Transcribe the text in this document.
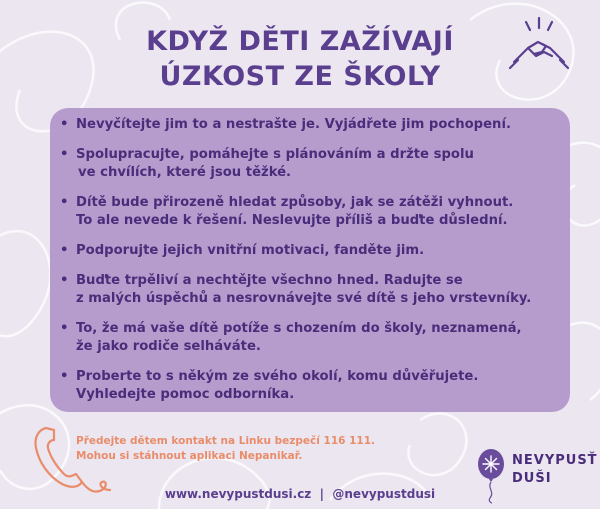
KDYŽ DĚTI ZAŽÍVAJÍ
ÚZKOST ZE ŠKOLY
• Nevyčítejte jim to a nestrašte je. Vyjádřete jim pochopení.
• Spolupracujte, pomáhejte s plánováním a držte spolu
ve chvílích, které jsou těžké.
• Dítě bude přirozeně hledat způsoby, jak se zátěži vyhnout.
To ale nevede k řešení. Neslevujte příliš a buďte důslední.
• Podporujte jejich vnitřní motivaci, fanděte jim.
• Buďte trpěliví a nechtějte všechno hned. Radujte se
z malých úspěchů a nesrovnávejte své dítě s jeho vrstevníky.
• To, že má vaše dítě potíže s chozením do školy, neznamená,
že jako rodiče selháváte.
• Proberte to s někým ze svého okolí, komu důvěřujete.
Vyhledejte pomoc odborníka.
Předejte dětem kontakt na Linku bezpečí 116 111.
Mohou si stáhnout aplikaci Nepanikař.	NEVYPUSŤ
DUŠI
www.nevypustdusi.cz  |  @nevypustdusi
